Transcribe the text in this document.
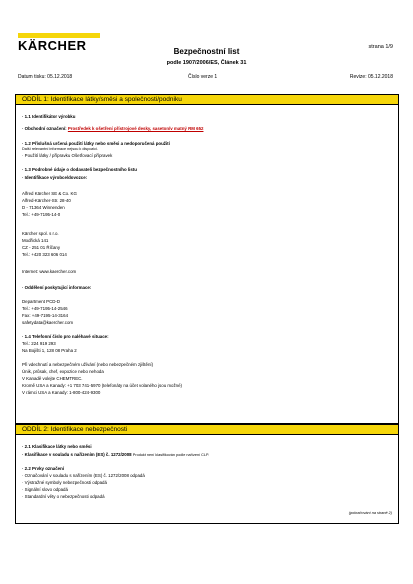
KÄRCHER	strana 1/9
Bezpečnostní list
podle 1907/2006/ES, Článek 31
Datum tisku: 05.12.2018	Číslo verze 1	Revize: 05.12.2018
ODDÍL 1: Identifikace látky/směsi a společnosti/podniku
· 1.1 Identifikátor výrobku
· Obchodní označení: Prostředek k ošetření přístrojové desky, saseton/v matný RM 652
· 1.2 Příslušná určená použití látky nebo směsi a nedoporučená použití
Další relevantní informace nejsou k dispozici.
· Použití látky / přípravku Ošetřovací přípravek
· 1.3 Podrobné údaje o dodavateli bezpečnostního listu
· Identifikace výrobce/dovozce:
Alfred Kärcher SE & Co. KG
Alfred-Kärcher-Str. 28-40
D - 71364 Winnenden
Tel.: +49-7195-14-0
Kärcher spol. s r.o.
Modřická 141
CZ - 251 01 Říčany
Tel.: +420 323 606 014
Internet: www.kaercher.com
· Oddělení poskytující informace:
Department PCD-D
Tel.: +49-7195-14-2546
Fax: +49-7195-14-3164
safetydata@kaercher.com
· 1.4 Telefonní číslo pro naléhavé situace:
Tel.: 224 919 293
Na Bojišti 1, 128 08 Praha 2
Při vdechnutí a nebezpečném užívání (nebo nebezpečném zjištění)
Únik, průsak, chef, expozice nebo nehoda
V Kanadě volejte CHEMTREC.
Kromě USA a Kanady: +1 703 741-5970 (telefonáty na účet volaného jsou možné)
V rámci USA a Kanady: 1-800-424-9300
ODDÍL 2: Identifikace nebezpečnosti
· 2.1 Klasifikace látky nebo směsi
· Klasifikace v souladu s nařízením (ES) č. 1272/2008 Produkt není klasifikován podle nařízení CLP.
· 2.2 Prvky označení
· Označování v souladu s nařízením (ES) č. 1272/2008 odpadá
· Výstražné symboly nebezpečnosti odpadá
· Signální slovo odpadá
· Standardní věty o nebezpečnosti odpadá
(pokračování na straně 2)
